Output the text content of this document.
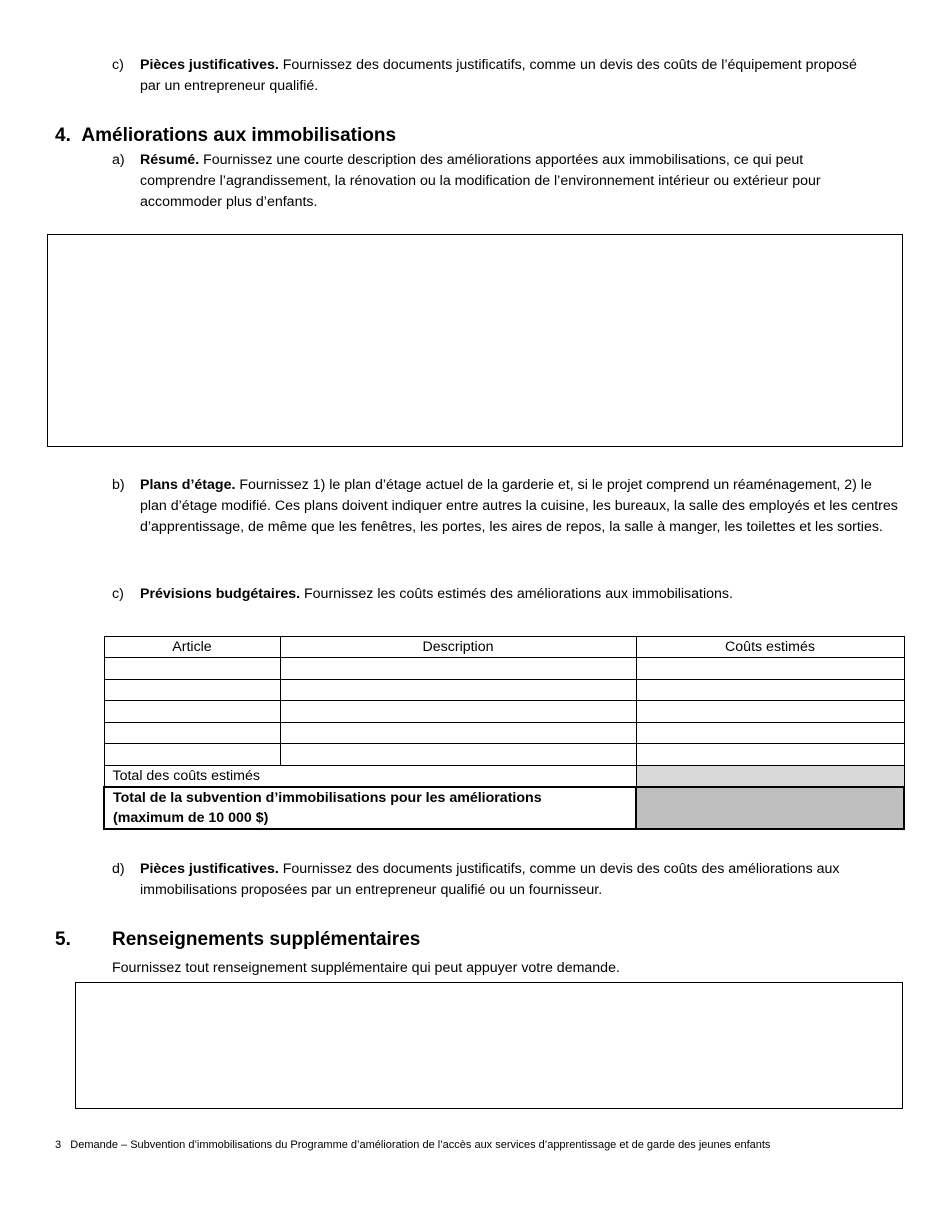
c)	Pièces justificatives. Fournissez des documents justificatifs, comme un devis des coûts de l’équipement proposé par un entrepreneur qualifié.
4. Améliorations aux immobilisations
a)	Résumé. Fournissez une courte description des améliorations apportées aux immobilisations, ce qui peut comprendre l’agrandissement, la rénovation ou la modification de l’environnement intérieur ou extérieur pour accommoder plus d’enfants.
b)	Plans d’étage. Fournissez 1) le plan d’étage actuel de la garderie et, si le projet comprend un réaménagement, 2) le plan d’étage modifié. Ces plans doivent indiquer entre autres la cuisine, les bureaux, la salle des employés et les centres d’apprentissage, de même que les fenêtres, les portes, les aires de repos, la salle à manger, les toilettes et les sorties.
c)	Prévisions budgétaires. Fournissez les coûts estimés des améliorations aux immobilisations.
Article	Description	Coûts estimés

Total des coûts estimés		
Total de la subvention d’immobilisations pour les améliorations
(maximum de 10 000 $)		
d)	Pièces justificatives. Fournissez des documents justificatifs, comme un devis des coûts des améliorations aux immobilisations proposées par un entrepreneur qualifié ou un fournisseur.
5. Renseignements supplémentaires
Fournissez tout renseignement supplémentaire qui peut appuyer votre demande.
3 Demande – Subvention d’immobilisations du Programme d’amélioration de l’accès aux services d’apprentissage et de garde des jeunes enfants
